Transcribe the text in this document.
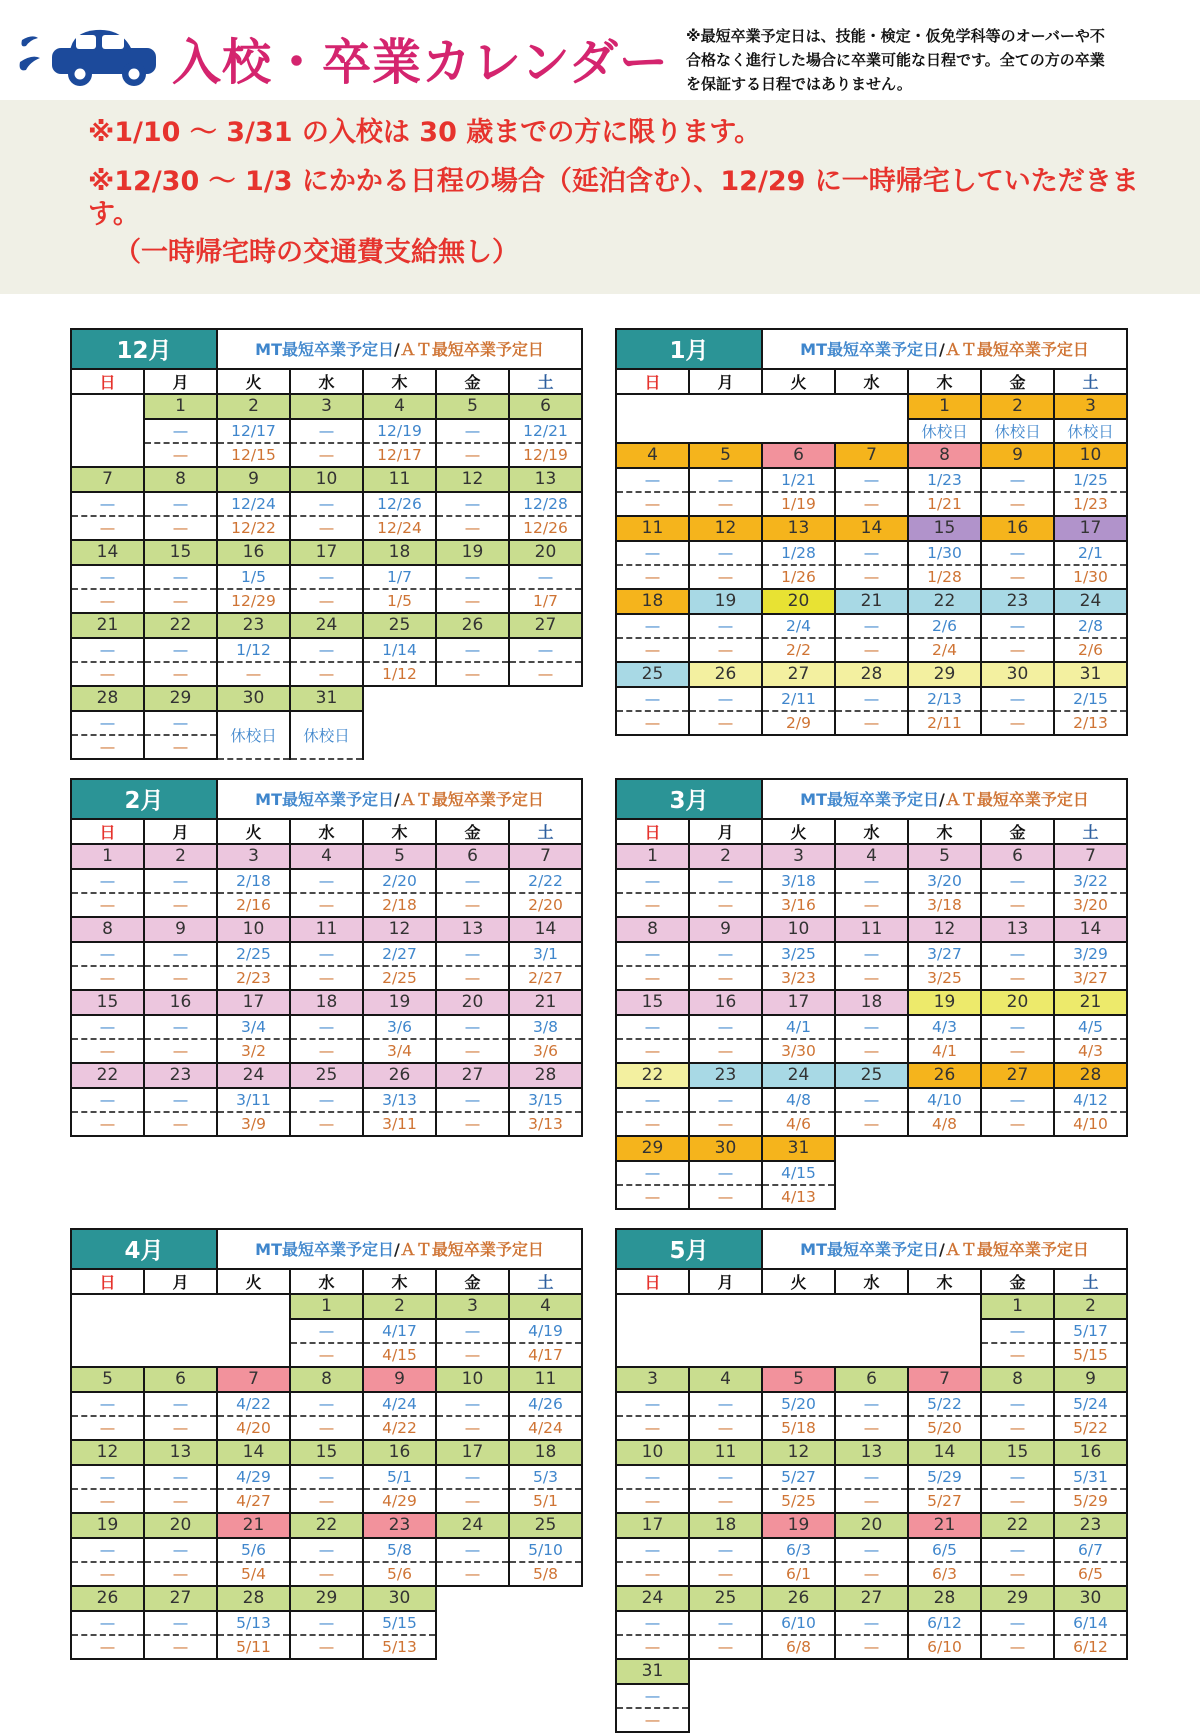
入校・卒業カレンダー ※最短卒業予定日は、技能・検定・仮免学科等のオーバーや不合格なく進行した場合に卒業可能な日程です。全ての方の卒業を保証する日程ではありません。

※1/10 ～ 3/31 の入校は 30 歳までの方に限ります。

※12/30 ～ 1/3 にかかる日程の場合（延泊含む）、12/29 に一時帰宅していただきます。

（一時帰宅時の交通費支給無し）

12月		MT最短卒業予定日/ＡＴ最短卒業予定日				
日	月	火	水	木	金	土
	1	2	3	4	5	6
	—	12/17	—	12/19	—	12/21
	—	12/15	—	12/17	—	12/19
7	8	9	10	11	12	13
—	—	12/24	—	12/26	—	12/28
—	—	12/22	—	12/24	—	12/26
14	15	16	17	18	19	20
—	—	1/5	—	1/7	—	—
—	—	12/29	—	1/5	—	1/7
21	22	23	24	25	26	27
—	—	1/12	—	1/14	—	—
—	—	—	—	1/12	—	—
28	29	30	31			
—	—	休校日	休校日			
—	—					
1月		MT最短卒業予定日/ＡＴ最短卒業予定日				
日	月	火	水	木	金	土
				1	2	3
				休校日	休校日	休校日

4	5	6	7	8	9	10
—	—	1/21	—	1/23	—	1/25
—	—	1/19	—	1/21	—	1/23
11	12	13	14	15	16	17
—	—	1/28	—	1/30	—	2/1
—	—	1/26	—	1/28	—	1/30
18	19	20	21	22	23	24
—	—	2/4	—	2/6	—	2/8
—	—	2/2	—	2/4	—	2/6
25	26	27	28	29	30	31
—	—	2/11	—	2/13	—	2/15
—	—	2/9	—	2/11	—	2/13
2月		MT最短卒業予定日/ＡＴ最短卒業予定日				
日	月	火	水	木	金	土
1	2	3	4	5	6	7
—	—	2/18	—	2/20	—	2/22
—	—	2/16	—	2/18	—	2/20
8	9	10	11	12	13	14
—	—	2/25	—	2/27	—	3/1
—	—	2/23	—	2/25	—	2/27
15	16	17	18	19	20	21
—	—	3/4	—	3/6	—	3/8
—	—	3/2	—	3/4	—	3/6
22	23	24	25	26	27	28
—	—	3/11	—	3/13	—	3/15
—	—	3/9	—	3/11	—	3/13
3月		MT最短卒業予定日/ＡＴ最短卒業予定日				
日	月	火	水	木	金	土
1	2	3	4	5	6	7
—	—	3/18	—	3/20	—	3/22
—	—	3/16	—	3/18	—	3/20
8	9	10	11	12	13	14
—	—	3/25	—	3/27	—	3/29
—	—	3/23	—	3/25	—	3/27
15	16	17	18	19	20	21
—	—	4/1	—	4/3	—	4/5
—	—	3/30	—	4/1	—	4/3
22	23	24	25	26	27	28
—	—	4/8	—	4/10	—	4/12
—	—	4/6	—	4/8	—	4/10
29	30	31				
—	—	4/15				
—	—	4/13				
4月		MT最短卒業予定日/ＡＴ最短卒業予定日				
日	月	火	水	木	金	土
			1	2	3	4
			—	4/17	—	4/19
			—	4/15	—	4/17
5	6	7	8	9	10	11
—	—	4/22	—	4/24	—	4/26
—	—	4/20	—	4/22	—	4/24
12	13	14	15	16	17	18
—	—	4/29	—	5/1	—	5/3
—	—	4/27	—	4/29	—	5/1
19	20	21	22	23	24	25
—	—	5/6	—	5/8	—	5/10
—	—	5/4	—	5/6	—	5/8
26	27	28	29	30		
—	—	5/13	—	5/15		
—	—	5/11	—	5/13		
5月		MT最短卒業予定日/ＡＴ最短卒業予定日				
日	月	火	水	木	金	土
					1	2
					—	5/17
					—	5/15
3	4	5	6	7	8	9
—	—	5/20	—	5/22	—	5/24
—	—	5/18	—	5/20	—	5/22
10	11	12	13	14	15	16
—	—	5/27	—	5/29	—	5/31
—	—	5/25	—	5/27	—	5/29
17	18	19	20	21	22	23
—	—	6/3	—	6/5	—	6/7
—	—	6/1	—	6/3	—	6/5
24	25	26	27	28	29	30
—	—	6/10	—	6/12	—	6/14
—	—	6/8	—	6/10	—	6/12
31						
—						
—						
